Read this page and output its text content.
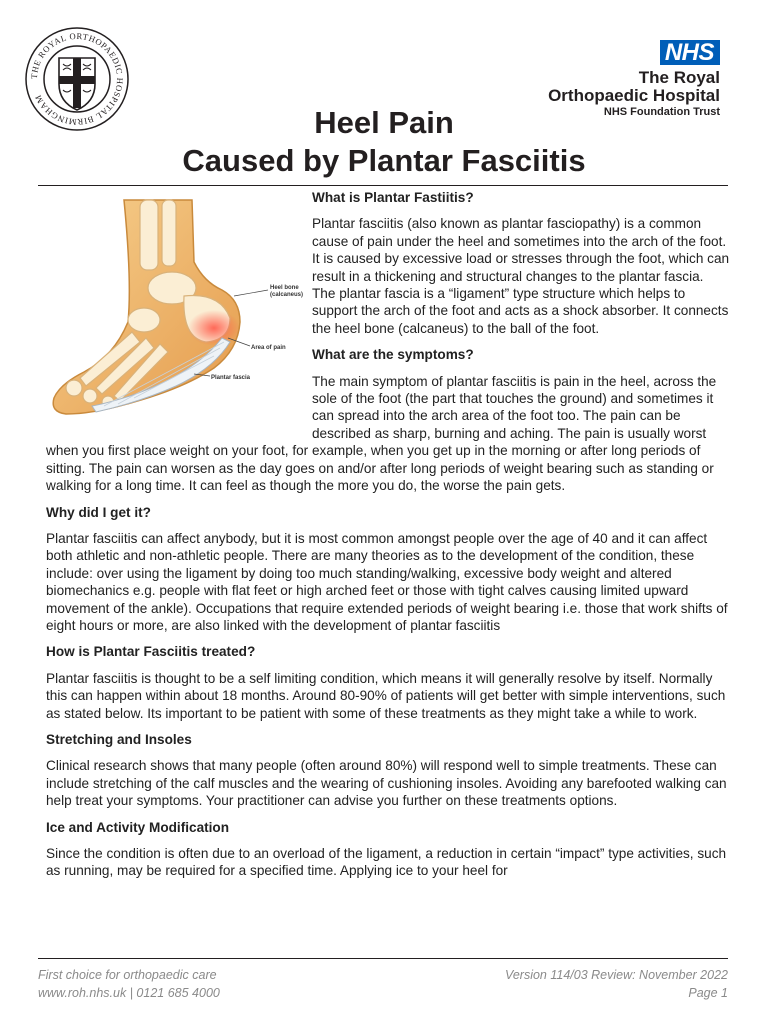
THE ROYAL ORTHOPAEDIC HOSPITAL BIRMINGHAM
NHS
The Royal
Orthopaedic Hospital
NHS Foundation Trust
Heel Pain
Caused by Plantar Fasciitis
Heel bone
(calcaneus)
Area of pain
Plantar fascia
What is Plantar Fastiitis?

Plantar fasciitis (also known as plantar fasciopathy) is a common cause of pain under the heel and sometimes into the arch of the foot. It is caused by excessive load or stresses through the foot, which can result in a thickening and structural changes to the plantar fascia. The plantar fascia is a “ligament” type structure which helps to support the arch of the foot and acts as a shock absorber. It connects the heel bone (calcaneus) to the ball of the foot.

What are the symptoms?

The main symptom of plantar fasciitis is pain in the heel, across the sole of the foot (the part that touches the ground) and sometimes it can spread into the arch area of the foot too. The pain can be described as sharp, burning and aching. The pain is usually worst when you first place weight on your foot, for example, when you get up in the morning or after long periods of sitting. The pain can worsen as the day goes on and/or after long periods of weight bearing such as standing or walking for a long time. It can feel as though the more you do, the worse the pain gets.

Why did I get it?

Plantar fasciitis can affect anybody, but it is most common amongst people over the age of 40 and it can affect both athletic and non-athletic people. There are many theories as to the development of the condition, these include: over using the ligament by doing too much standing/walking, excessive body weight and altered biomechanics e.g. people with flat feet or high arched feet or those with tight calves causing limited upward movement of the ankle). Occupations that require extended periods of weight bearing i.e. those that work shifts of eight hours or more, are also linked with the development of plantar fasciitis

How is Plantar Fasciitis treated?

Plantar fasciitis is thought to be a self limiting condition, which means it will generally resolve by itself. Normally this can happen within about 18 months. Around 80-90% of patients will get better with simple interventions, such as stated below. Its important to be patient with some of these treatments as they might take a while to work.

Stretching and Insoles

Clinical research shows that many people (often around 80%) will respond well to simple treatments. These can include stretching of the calf muscles and the wearing of cushioning insoles. Avoiding any barefooted walking can help treat your symptoms. Your practitioner can advise you further on these treatments options.

Ice and Activity Modification

Since the condition is often due to an overload of the ligament, a reduction in certain “impact” type activities, such as running, may be required for a specified time. Applying ice to your heel for

First choice for orthopaedic care
www.roh.nhs.uk | 0121 685 4000
Version 114/03 Review: November 2022
Page 1
